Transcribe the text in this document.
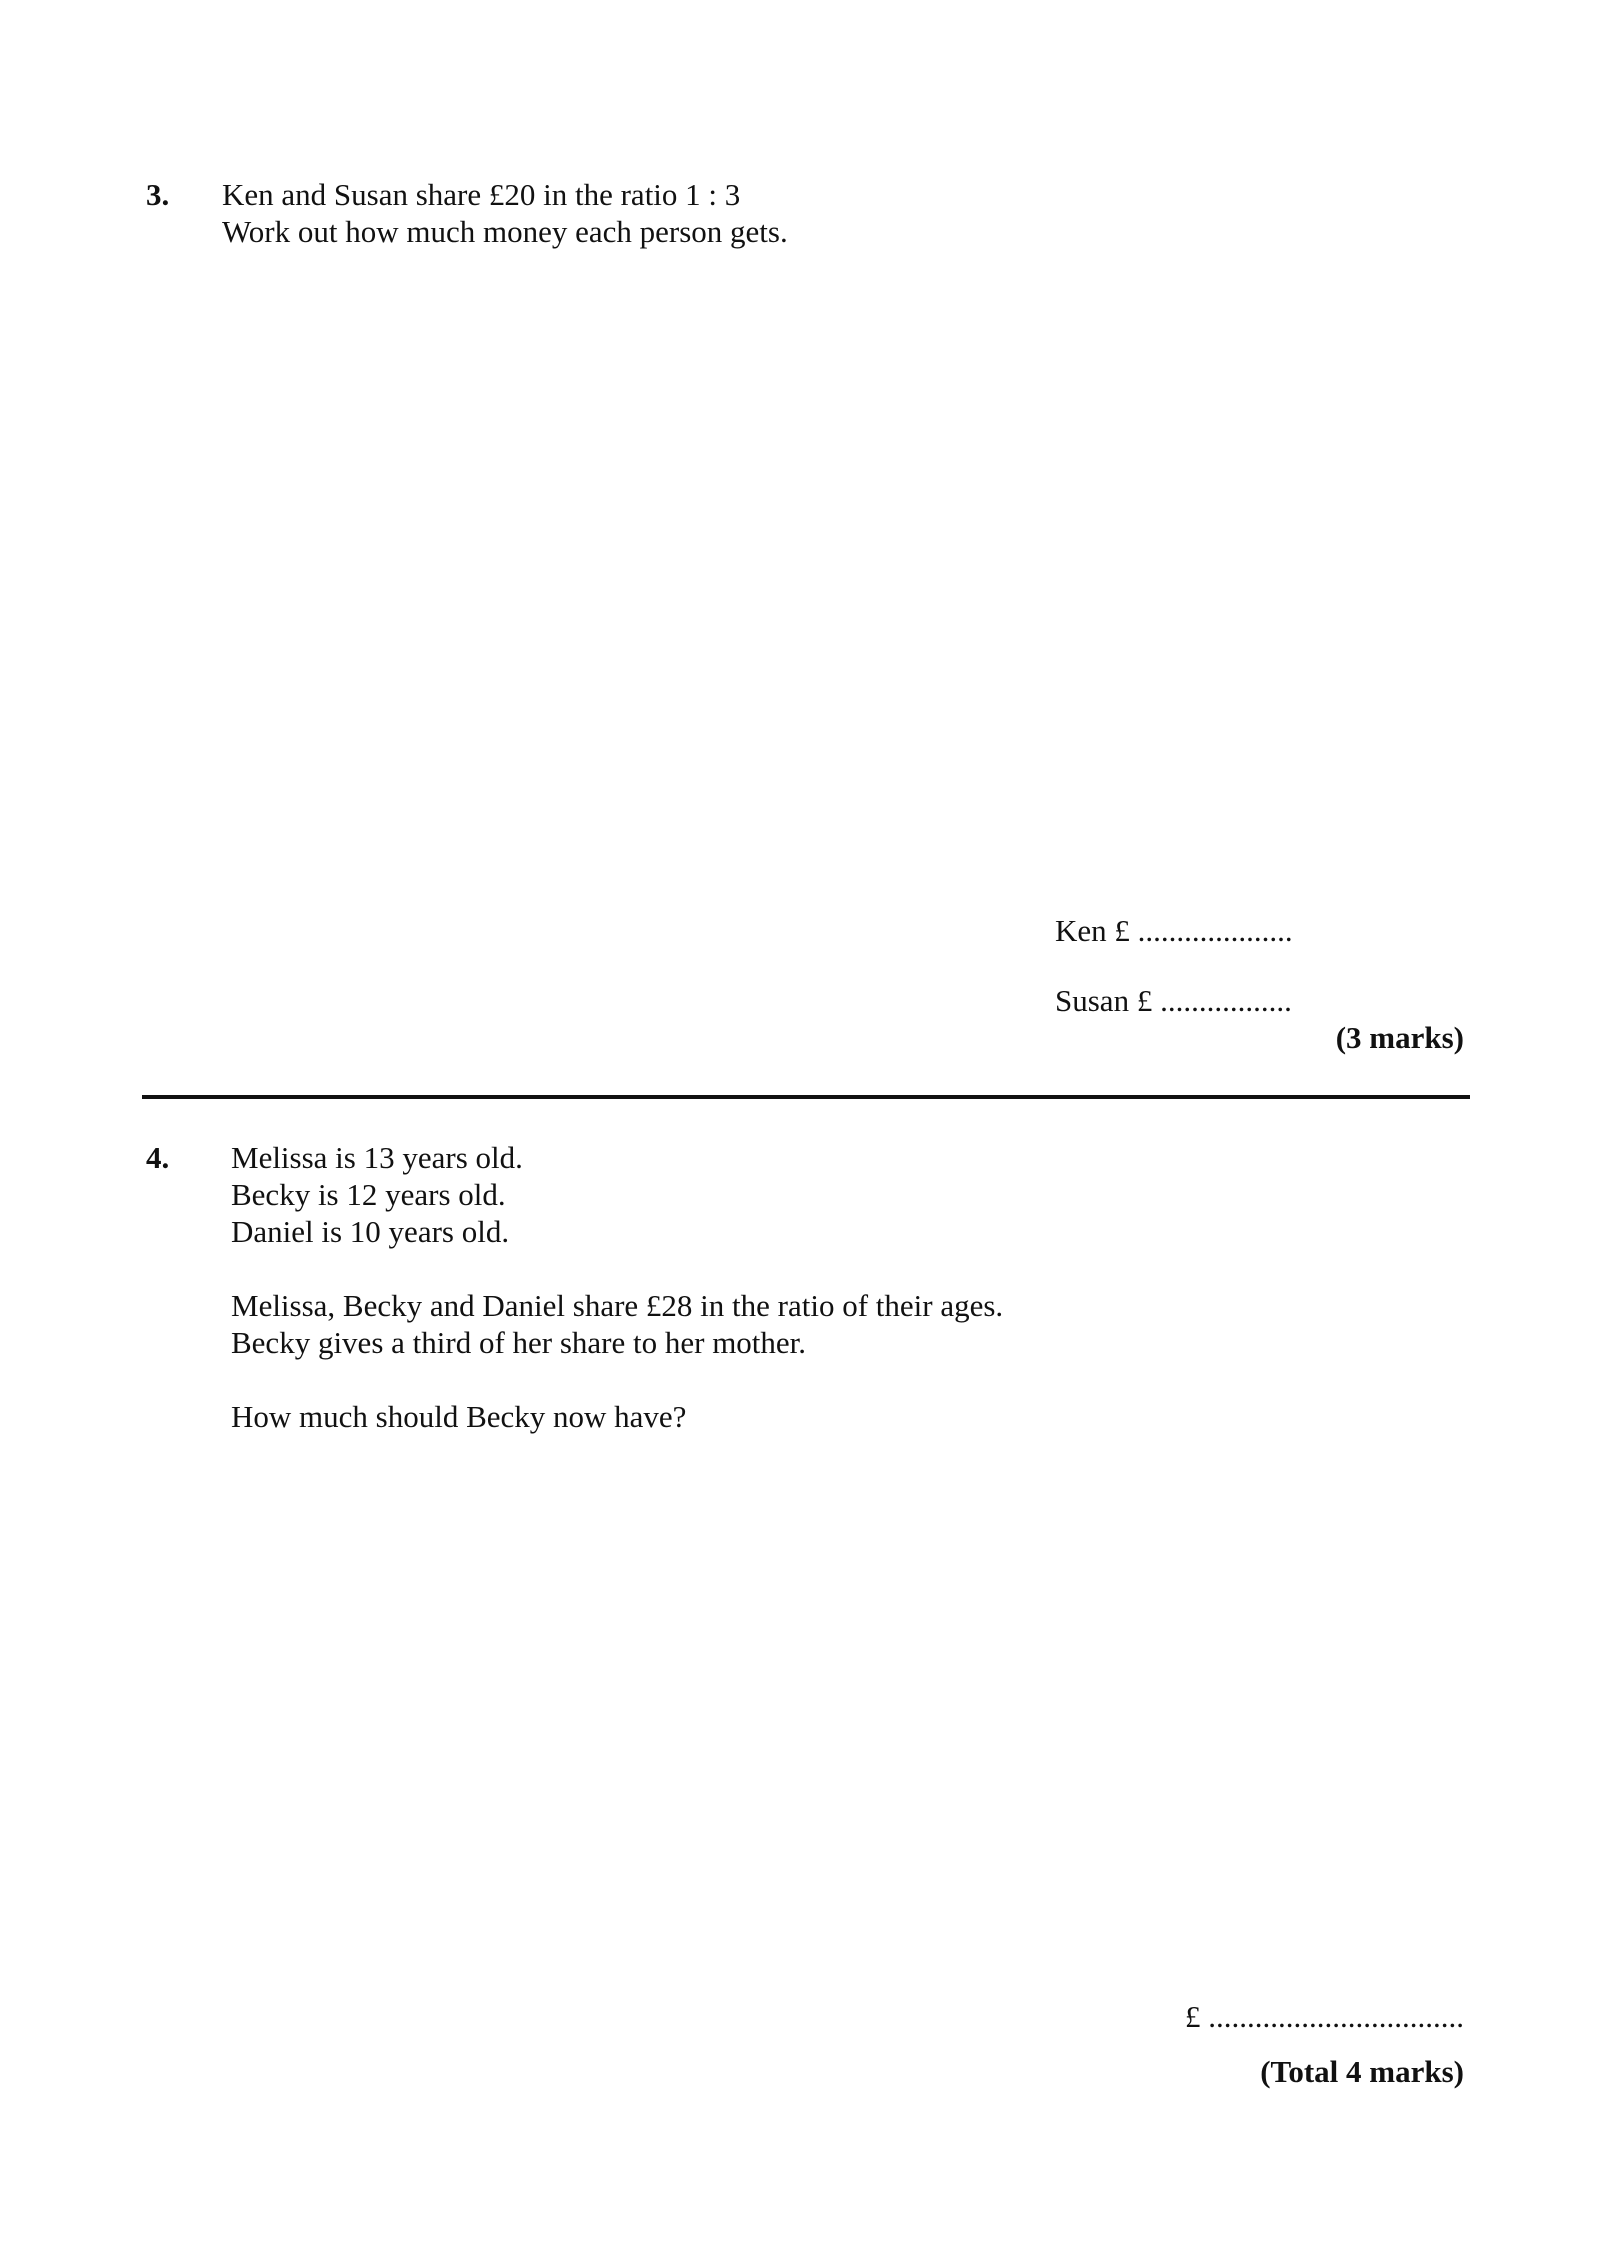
3. Ken and Susan share £20 in the ratio 1 : 3
Work out how much money each person gets.
Ken £ ....................
Susan £ .................
(3 marks)
4. Melissa is 13 years old.
Becky is 12 years old.
Daniel is 10 years old.
Melissa, Becky and Daniel share £28 in the ratio of their ages.
Becky gives a third of her share to her mother.
How much should Becky now have?
£ .................................
(Total 4 marks)
